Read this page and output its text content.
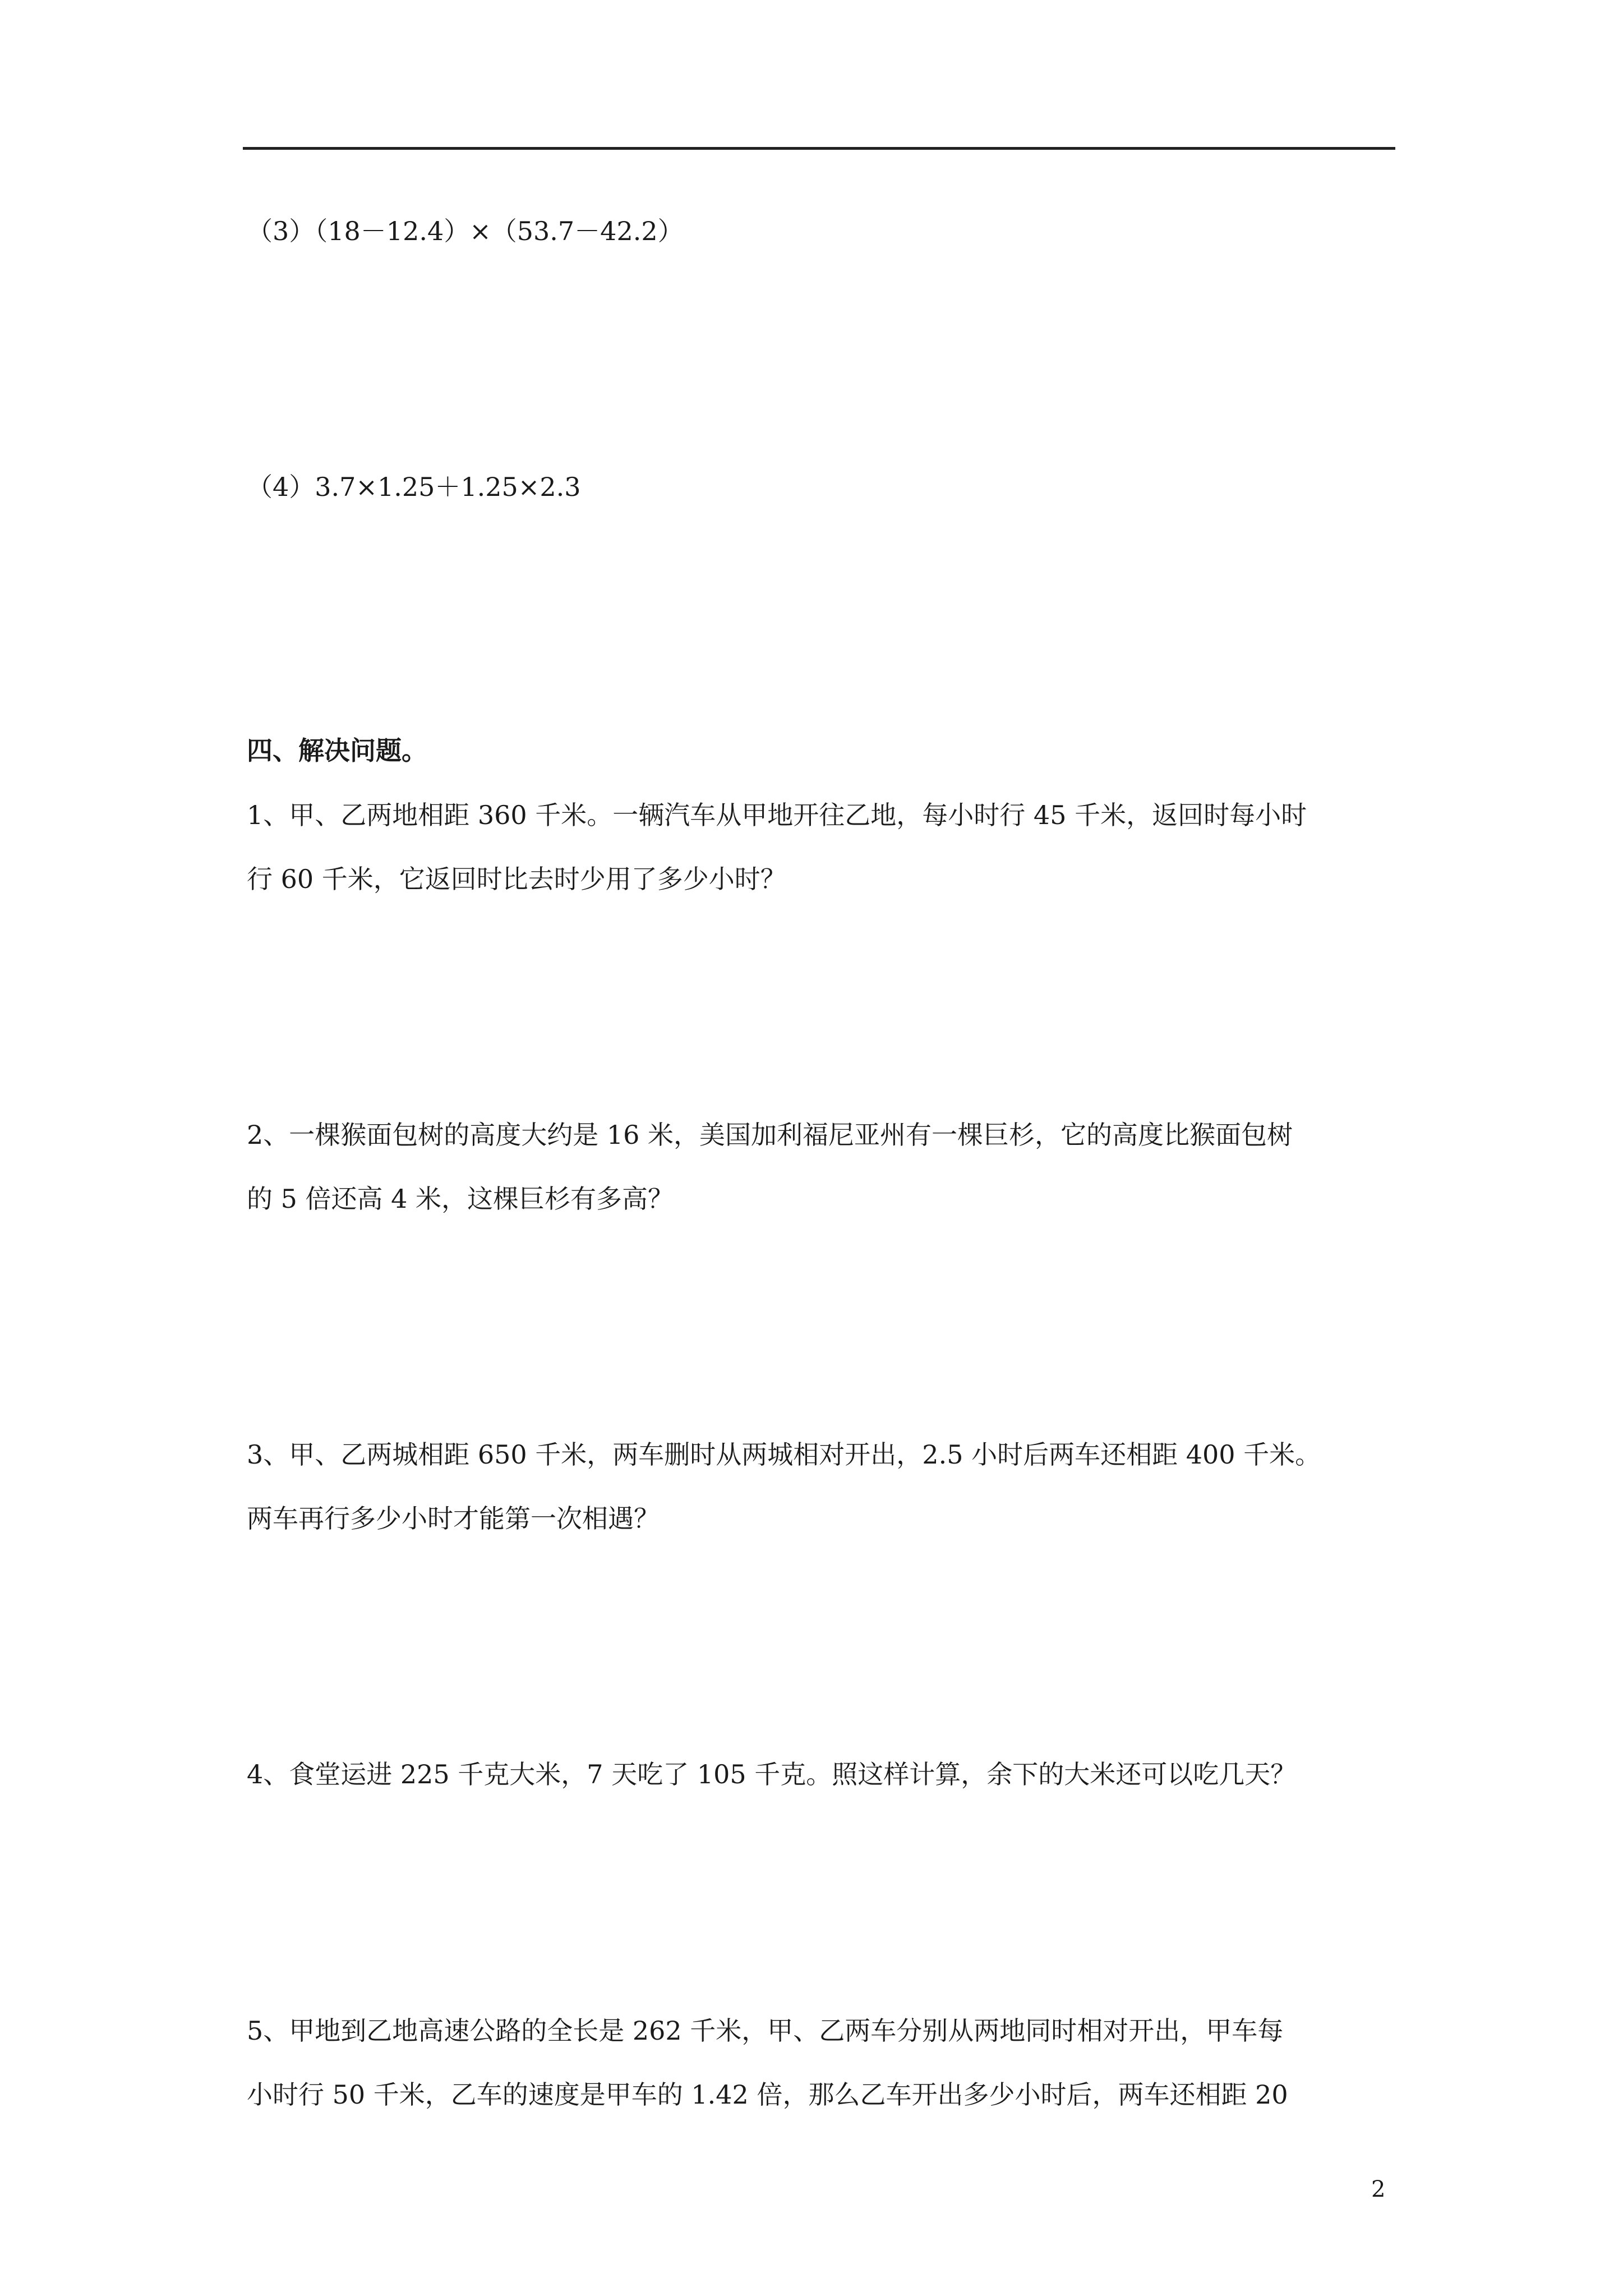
（3）（18－12.4）×（53.7－42.2）
（4）3.7×1.25＋1.25×2.3
四、解决问题。
1、甲、乙两地相距 360 千米。一辆汽车从甲地开往乙地，每小时行 45 千米，返回时每小时
行 60 千米，它返回时比去时少用了多少小时？
2、一棵猴面包树的高度大约是 16 米，美国加利福尼亚州有一棵巨杉，它的高度比猴面包树
的 5 倍还高 4 米，这棵巨杉有多高？
3、甲、乙两城相距 650 千米，两车删时从两城相对开出，2.5 小时后两车还相距 400 千米。
两车再行多少小时才能第一次相遇？
4、食堂运进 225 千克大米，7 天吃了 105 千克。照这样计算，余下的大米还可以吃几天？
5、甲地到乙地高速公路的全长是 262 千米，甲、乙两车分别从两地同时相对开出，甲车每
小时行 50 千米，乙车的速度是甲车的 1.42 倍，那么乙车开出多少小时后，两车还相距 20
2
